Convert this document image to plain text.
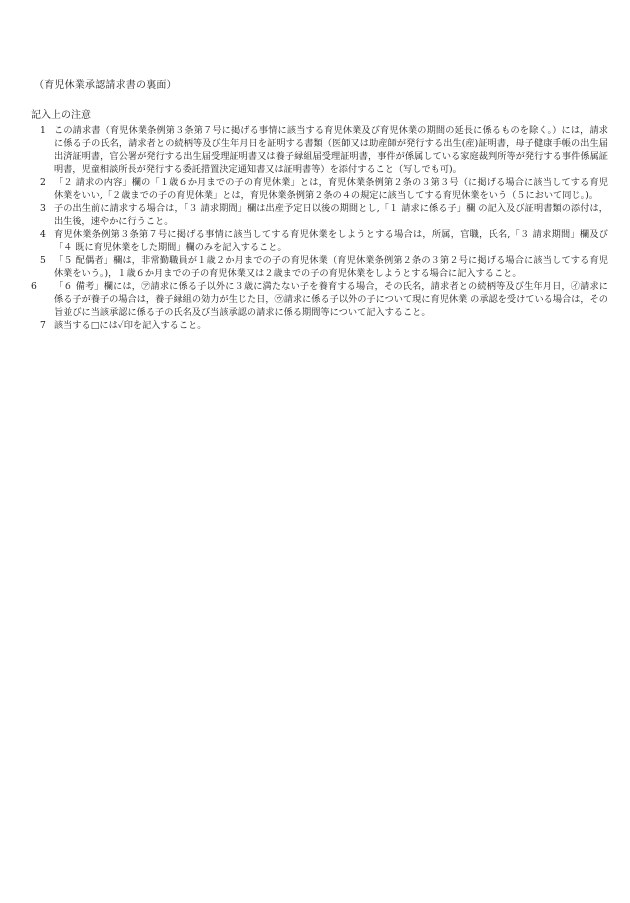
（育児休業承認請求書の裏面）
記入上の注意
1 この請求書（育児休業条例第３条第７号に掲げる事情に該当する育児休業及び育児休業の期間の延長に係るものを除く。）には，請求に係る子の氏名，請求者との続柄等及び生年月日を証明する書類（医師又は助産師が発行する出生(産)証明書，母子健康手帳の出生届出済証明書，官公署が発行する出生届受理証明書又は養子縁組届受理証明書，事件が係属している家庭裁判所等が発行する事件係属証明書，児童相談所長が発行する委託措置決定通知書又は証明書等）を添付すること（写しでも可)。
2 「２ 請求の内容」欄の「１歳６か月までの子の育児休業」とは，育児休業条例第２条の３第３号（に掲げる場合に該当してする育児休業をいい,「２歳までの子の育児休業」とは，育児休業条例第２条の４の規定に該当してする育児休業をいう（５において同じ。)。
3 子の出生前に請求する場合は，「３ 請求期間」欄は出産予定日以後の期間とし,「１ 請求に係る子」欄 の記入及び証明書類の添付は，出生後，速やかに行うこと。
4 育児休業条例第３条第７号に掲げる事情に該当してする育児休業をしようとする場合は，所属，官職，氏名,「３ 請求期間」欄及び「４ 既に育児休業をした期間」欄のみを記入すること。
5 「５ 配偶者」欄は，非常勤職員が１歳２か月までの子の育児休業（育児休業条例第２条の３第２号に掲げる場合に該当してする育児休業をいう。)，１歳６か月までの子の育児休業又は２歳までの子の育児休業をしようとする場合に記入すること。
6	「６ 備考」欄には，㋐請求に係る子以外に３歳に満たない子を養育する場合，その氏名，請求者との続柄等及び生年月日，㋑請求に係る子が養子の場合は，養子縁組の効力が生じた日，㋒請求に係る子以外の子について現に育児休業 の承認を受けている場合は，その旨並びに当該承認に係る子の氏名及び当該承認の請求に係る期間等について記入すること。
7 該当する□には✓印を記入すること。
